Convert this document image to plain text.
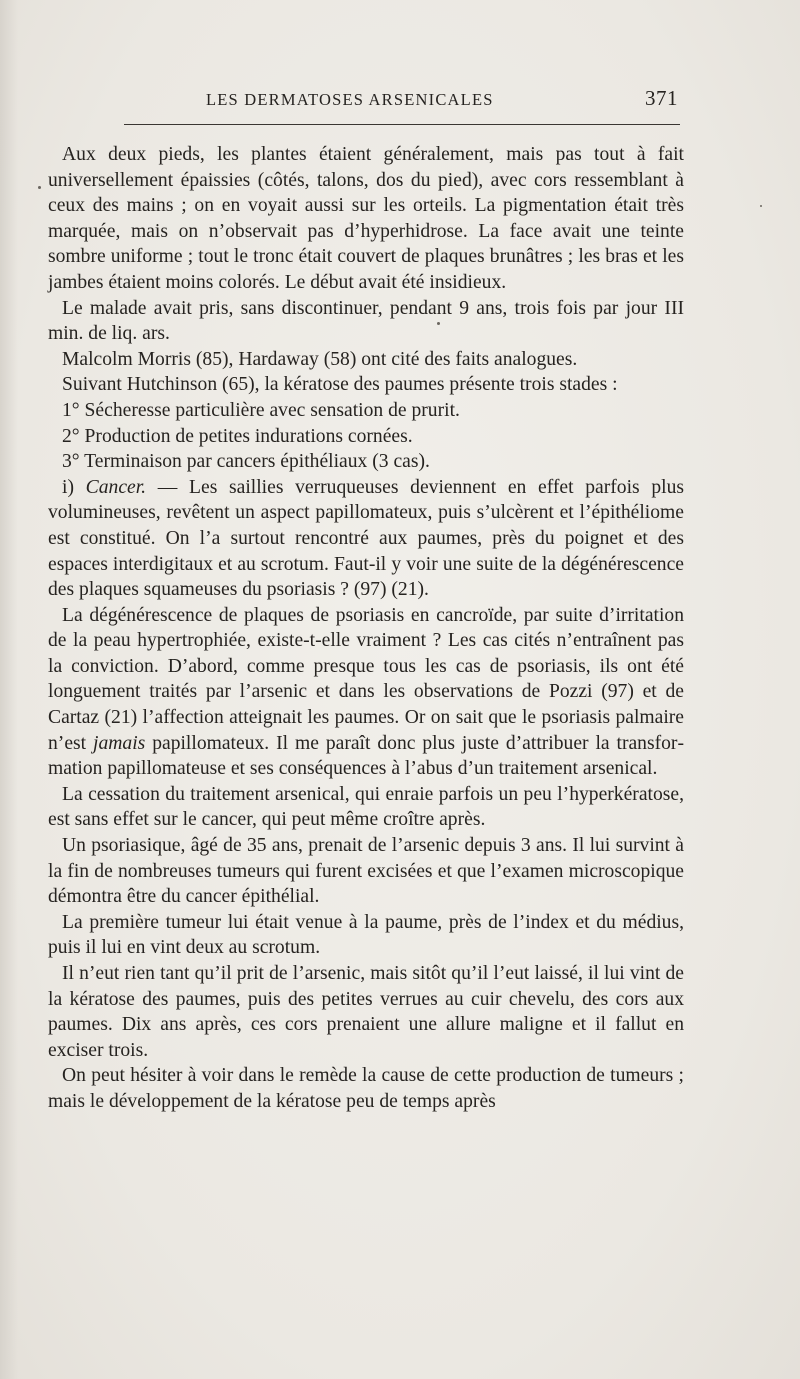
LES DERMATOSES ARSENICALES	371

Aux deux pieds, les plantes étaient généralement, mais pas tout à fait universellement épaissies (côtés, talons, dos du pied), avec cors ressemblant à ceux des mains ; on en voyait aussi sur les orteils. La pigmentation était très marquée, mais on n’observait pas d’hyperhidrose. La face avait une teinte sombre uniforme ; tout le tronc était couvert de plaques brunâtres ; les bras et les jambes étaient moins colorés. Le début avait été insidieux.

Le malade avait pris, sans discontinuer, pendant 9 ans, trois fois par jour III min. de liq. ars.

Malcolm Morris (85), Hardaway (58) ont cité des faits analogues.

Suivant Hutchinson (65), la kératose des paumes présente trois stades :

1° Sécheresse particulière avec sensation de prurit.

2° Production de petites indurations cornées.

3° Terminaison par cancers épithéliaux (3 cas).

i) Cancer. — Les saillies verruqueuses deviennent en effet parfois plus volumineuses, revêtent un aspect papillomateux, puis s’ulcèrent et l’épithéliome est constitué. On l’a surtout rencontré aux paumes, près du poignet et des espaces interdigitaux et au scrotum. Faut-il y voir une suite de la dégénérescence des plaques squameuses du psoriasis ? (97) (21).

La dégénérescence de plaques de psoriasis en cancroïde, par suite d’irritation de la peau hypertrophiée, existe-t-elle vraiment ? Les cas cités n’entraînent pas la conviction. D’abord, comme presque tous les cas de psoriasis, ils ont été longuement traités par l’arsenic et dans les observations de Pozzi (97) et de Cartaz (21) l’affection atteignait les paumes. Or on sait que le psoriasis palmaire n’est jamais papillomateux. Il me paraît donc plus juste d’attribuer la transformation papillomateuse et ses conséquences à l’abus d’un traitement arsenical.

La cessation du traitement arsenical, qui enraie parfois un peu l’hyperkératose, est sans effet sur le cancer, qui peut même croître après.

Un psoriasique, âgé de 35 ans, prenait de l’arsenic depuis 3 ans. Il lui survint à la fin de nombreuses tumeurs qui furent excisées et que l’examen microscopique démontra être du cancer épithélial.

La première tumeur lui était venue à la paume, près de l’index et du médius, puis il lui en vint deux au scrotum.

Il n’eut rien tant qu’il prit de l’arsenic, mais sitôt qu’il l’eut laissé, il lui vint de la kératose des paumes, puis des petites verrues au cuir chevelu, des cors aux paumes. Dix ans après, ces cors prenaient une allure maligne et il fallut en exciser trois.

On peut hésiter à voir dans le remède la cause de cette production de tumeurs ; mais le développement de la kératose peu de temps après
